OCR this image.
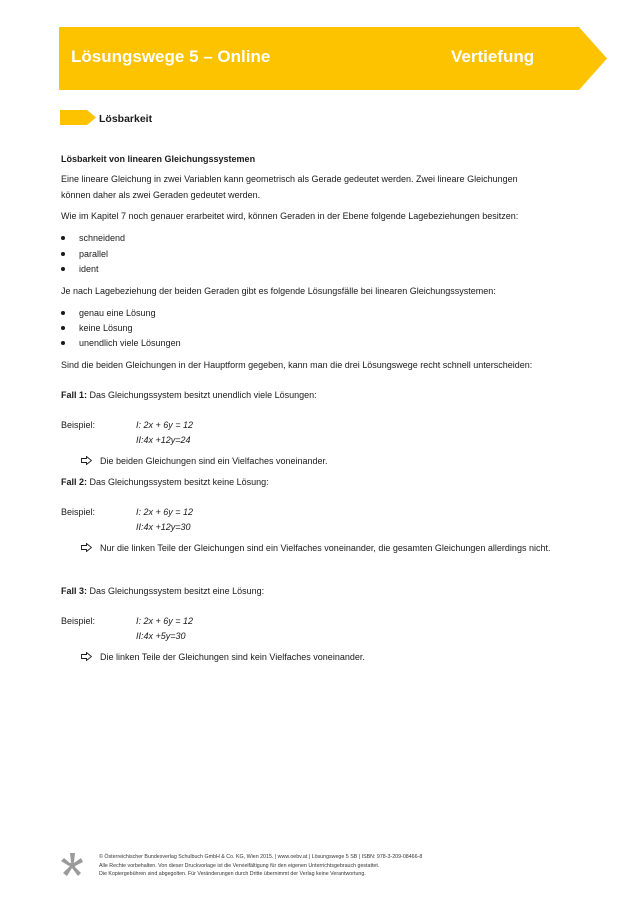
Lösungswege 5 – Online	Vertiefung
Lösbarkeit
Lösbarkeit von linearen Gleichungssystemen
Eine lineare Gleichung in zwei Variablen kann geometrisch als Gerade gedeutet werden. Zwei lineare Gleichungen können daher als zwei Geraden gedeutet werden.
Wie im Kapitel 7 noch genauer erarbeitet wird, können Geraden in der Ebene folgende Lagebeziehungen besitzen:
schneidend
parallel
ident
Je nach Lagebeziehung der beiden Geraden gibt es folgende Lösungsfälle bei linearen Gleichungssystemen:
genau eine Lösung
keine Lösung
unendlich viele Lösungen
Sind die beiden Gleichungen in der Hauptform gegeben, kann man die drei Lösungswege recht schnell unterscheiden:
Fall 1: Das Gleichungssystem besitzt unendlich viele Lösungen:
Beispiel:	I: 2x + 6y = 12
II:4x +12y=24
Die beiden Gleichungen sind ein Vielfaches voneinander.
Fall 2: Das Gleichungssystem besitzt keine Lösung:
Beispiel:	I: 2x + 6y = 12
II:4x +12y=30
Nur die linken Teile der Gleichungen sind ein Vielfaches voneinander, die gesamten Gleichungen allerdings nicht.
Fall 3: Das Gleichungssystem besitzt eine Lösung:
Beispiel:	I: 2x + 6y = 12
II:4x +5y=30
Die linken Teile der Gleichungen sind kein Vielfaches voneinander.
© Österreichischer Bundesverlag Schulbuch GmbH & Co. KG, Wien 2015. | www.oebv.at | Lösungswege 5 SB | ISBN: 978-3-209-08466-8
Alle Rechte vorbehalten. Von dieser Druckvorlage ist die Vervielfältigung für den eigenen Unterrichtsgebrauch gestattet.
Die Kopiergebühren sind abgegolten. Für Veränderungen durch Dritte übernimmt der Verlag keine Verantwortung.
